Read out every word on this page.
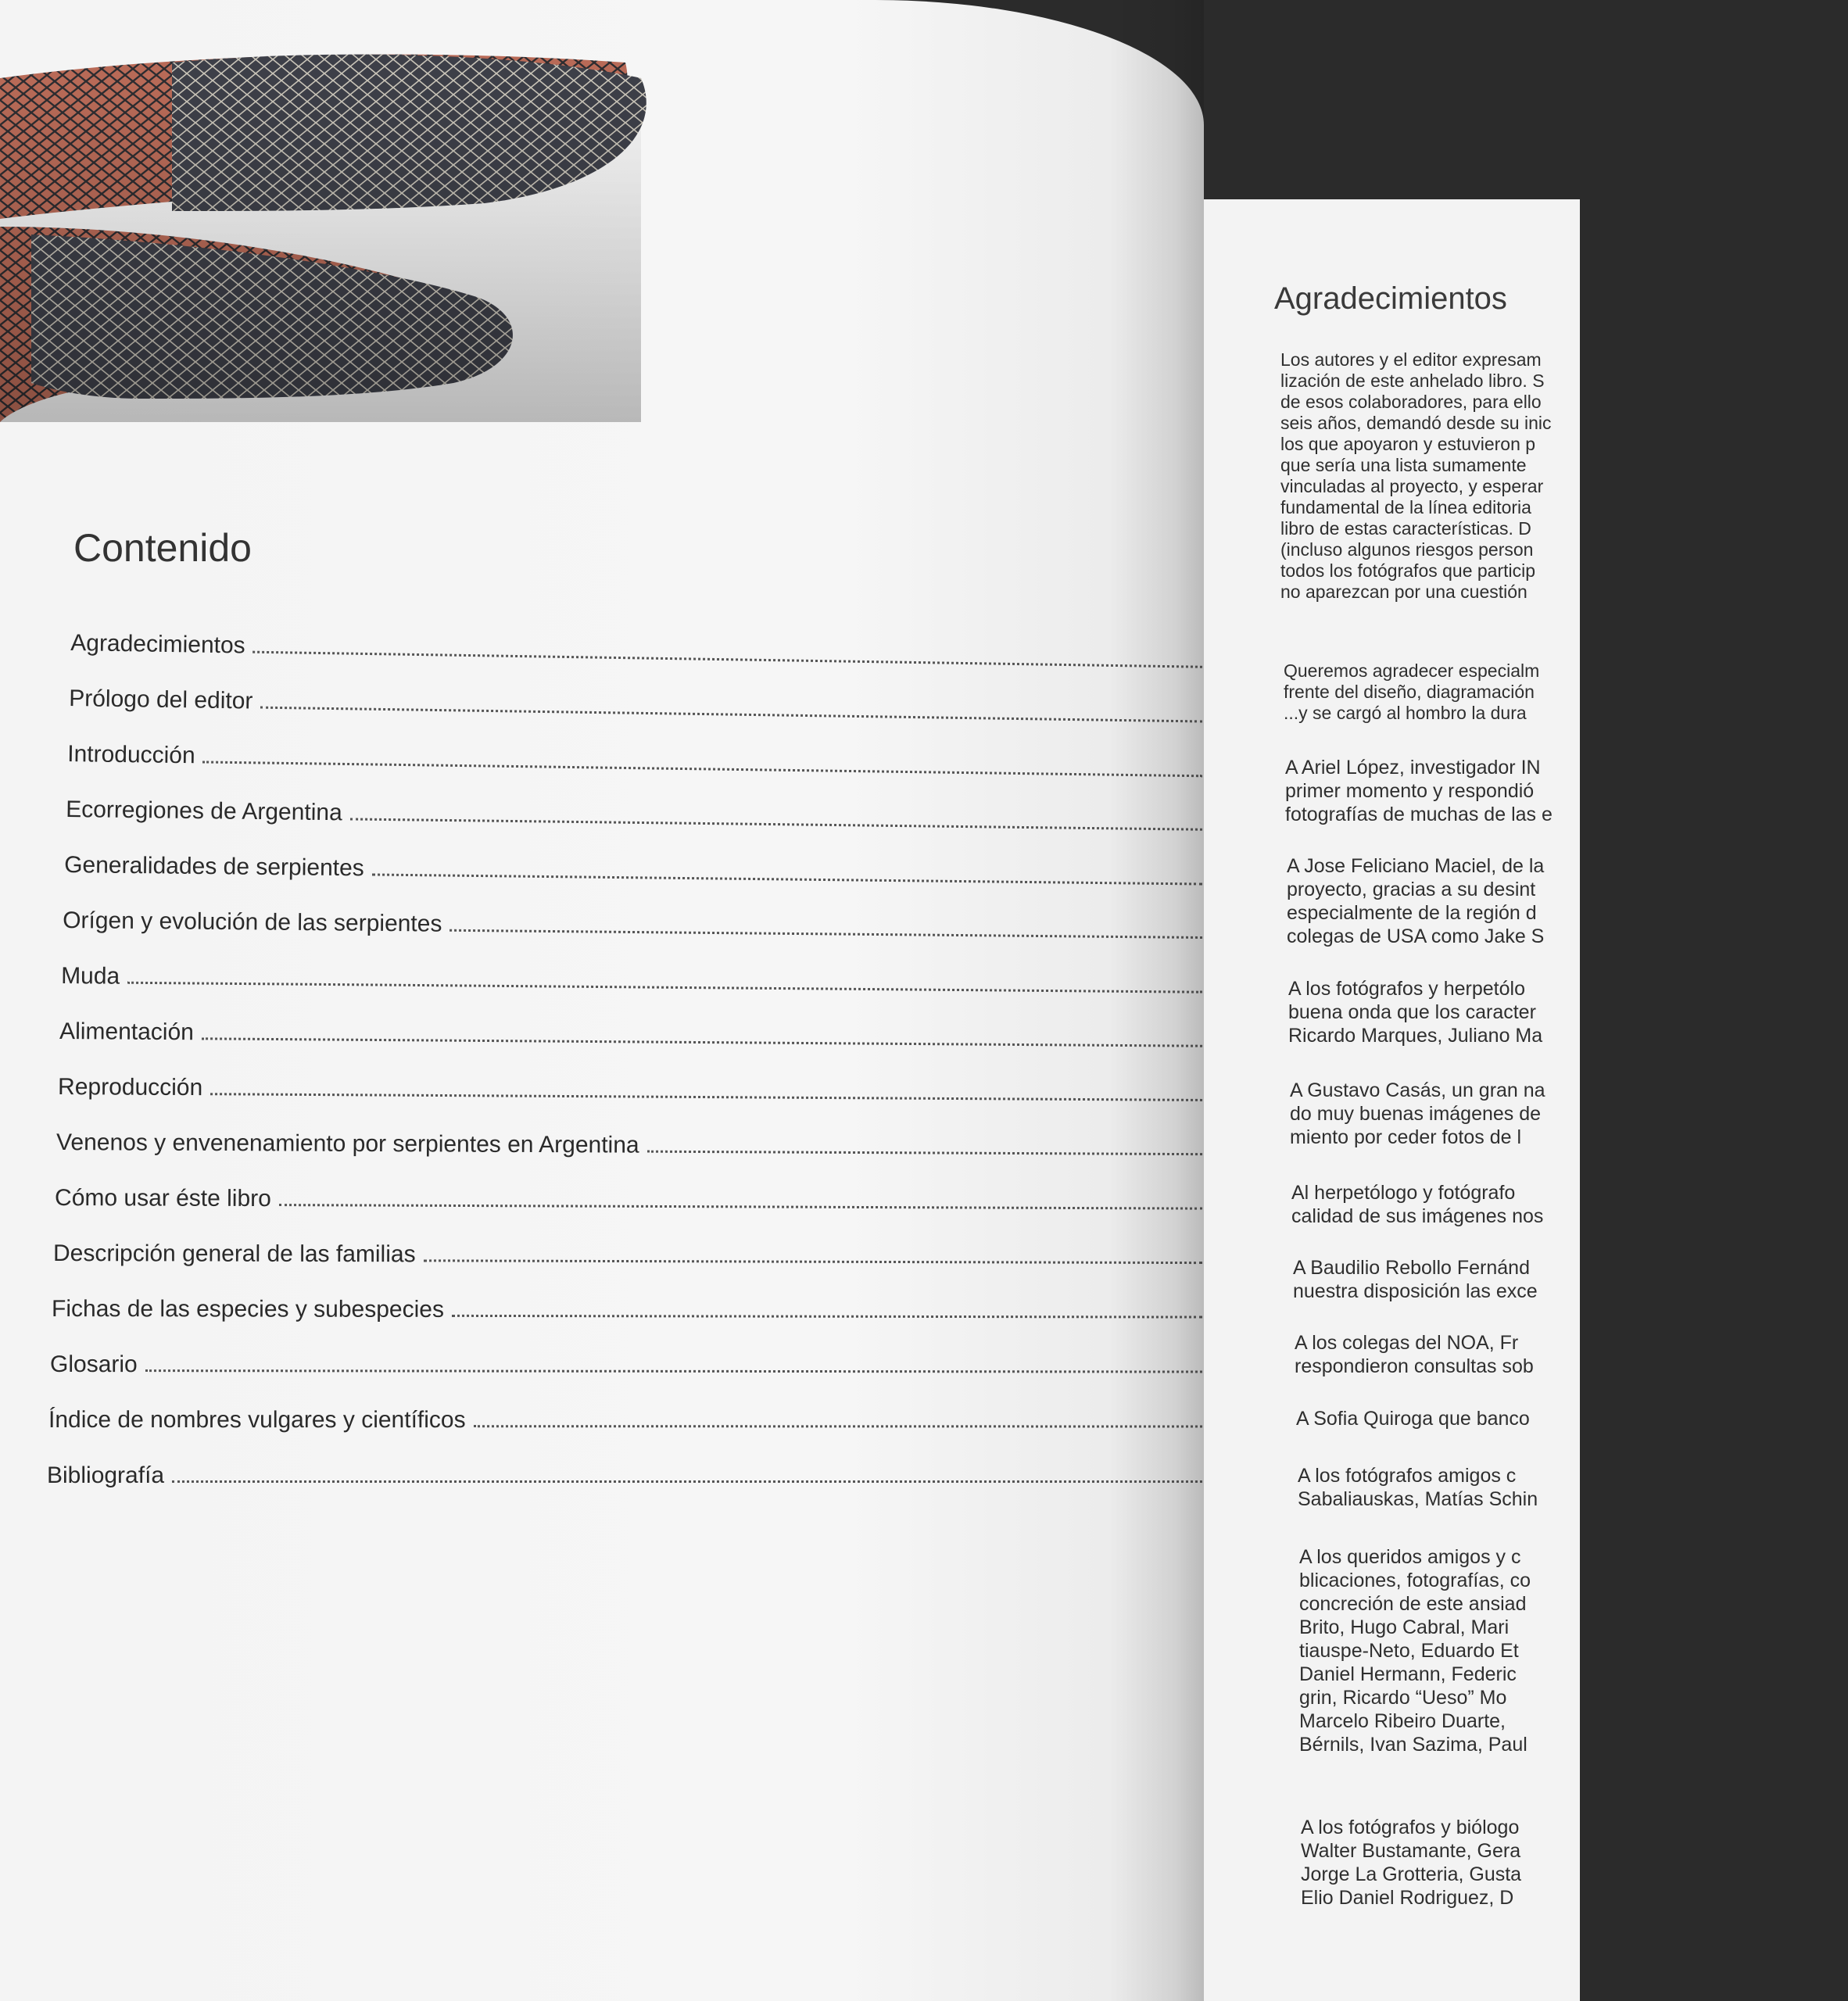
Contenido
Agradecimientos
Prólogo del editor
Introducción
Ecorregiones de Argentina
Generalidades de serpientes
Orígen y evolución de las serpientes
Muda
Alimentación
Reproducción
Venenos y envenenamiento por serpientes en Argentina
Cómo usar éste libro
Descripción general de las familias
Fichas de las especies y subespecies
Glosario
Índice de nombres vulgares y científicos
Bibliografía
Agradecimientos
Los autores y el editor expresam
lización de este anhelado libro. S
de esos colaboradores, para ello
seis años, demandó desde su inic
los que apoyaron y estuvieron p
que sería una lista sumamente
vinculadas al proyecto, y esperar
fundamental de la línea editoria
libro de estas características. D
(incluso algunos riesgos person
todos los fotógrafos que particip
no aparezcan por una cuestión
Queremos agradecer especialm
frente del diseño, diagramación
...y se cargó al hombro la dura
A Ariel López, investigador IN
primer momento y respondió
fotografías de muchas de las e
A Jose Feliciano Maciel, de la
proyecto, gracias a su desint
especialmente de la región d
colegas de USA como Jake S
A los fotógrafos y herpetólo
buena onda que los caracter
Ricardo Marques, Juliano Ma
A Gustavo Casás, un gran na
do muy buenas imágenes de
miento por ceder fotos de l
Al herpetólogo y fotógrafo
calidad de sus imágenes nos
A Baudilio Rebollo Fernánd
nuestra disposición las exce
A los colegas del NOA, Fr
respondieron consultas sob
A Sofia Quiroga que banco
A los fotógrafos amigos c
Sabaliauskas, Matías Schin
A los queridos amigos y c
blicaciones, fotografías, co
concreción de este ansiad
Brito, Hugo Cabral, Mari
tiauspe-Neto, Eduardo Et
Daniel Hermann, Federic
grin, Ricardo “Ueso” Mo
Marcelo Ribeiro Duarte,
Bérnils, Ivan Sazima, Paul
A los fotógrafos y biólogo
Walter Bustamante, Gera
Jorge La Grotteria, Gusta
Elio Daniel Rodriguez, D
